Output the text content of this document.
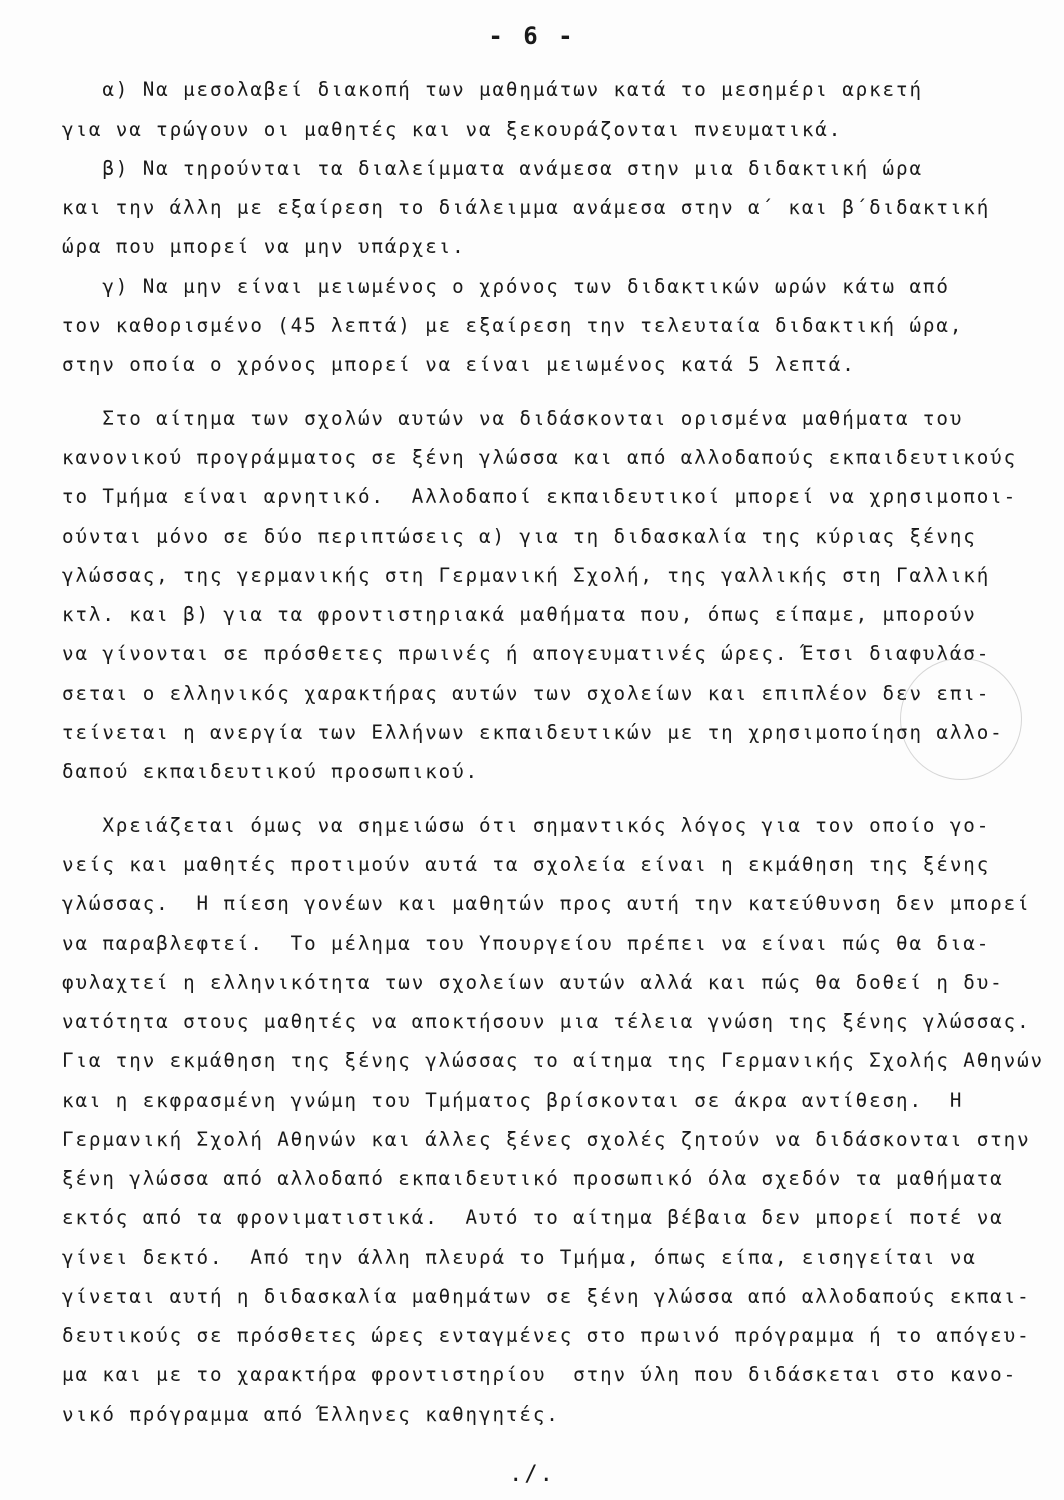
- 6 -
α) Να μεσολαβεί διακοπή των μαθημάτων κατά το μεσημέρι αρκετή
για να τρώγουν οι μαθητές και να ξεκουράζονται πνευματικά.
β) Να τηρούνται τα διαλείμματα ανάμεσα στην μια διδακτική ώρα
και την άλλη με εξαίρεση το διάλειμμα ανάμεσα στην α΄ και β΄διδακτική
ώρα που μπορεί να μην υπάρχει.
γ) Να μην είναι μειωμένος ο χρόνος των διδακτικών ωρών κάτω από
τον καθορισμένο (45 λεπτά) με εξαίρεση την τελευταία διδακτική ώρα,
στην οποία ο χρόνος μπορεί να είναι μειωμένος κατά 5 λεπτά.
Στο αίτημα των σχολών αυτών να διδάσκονται ορισμένα μαθήματα του
κανονικού προγράμματος σε ξένη γλώσσα και από αλλοδαπούς εκπαιδευτικούς
το Τμήμα είναι αρνητικό.  Αλλοδαποί εκπαιδευτικοί μπορεί να χρησιμοποι-
ούνται μόνο σε δύο περιπτώσεις α) για τη διδασκαλία της κύριας ξένης
γλώσσας, της γερμανικής στη Γερμανική Σχολή, της γαλλικής στη Γαλλική
κτλ. και β) για τα φροντιστηριακά μαθήματα που, όπως είπαμε, μπορούν
να γίνονται σε πρόσθετες πρωινές ή απογευματινές ώρες. Έτσι διαφυλάσ-
σεται ο ελληνικός χαρακτήρας αυτών των σχολείων και επιπλέον δεν επι-
τείνεται η ανεργία των Ελλήνων εκπαιδευτικών με τη χρησιμοποίηση αλλο-
δαπού εκπαιδευτικού προσωπικού.
Χρειάζεται όμως να σημειώσω ότι σημαντικός λόγος για τον οποίο γο-
νείς και μαθητές προτιμούν αυτά τα σχολεία είναι η εκμάθηση της ξένης
γλώσσας.  Η πίεση γονέων και μαθητών προς αυτή την κατεύθυνση δεν μπορεί
να παραβλεφτεί.  Το μέλημα του Υπουργείου πρέπει να είναι πώς θα δια-
φυλαχτεί η ελληνικότητα των σχολείων αυτών αλλά και πώς θα δοθεί η δυ-
νατότητα στους μαθητές να αποκτήσουν μια τέλεια γνώση της ξένης γλώσσας.
Για την εκμάθηση της ξένης γλώσσας το αίτημα της Γερμανικής Σχολής Αθηνών
και η εκφρασμένη γνώμη του Τμήματος βρίσκονται σε άκρα αντίθεση.  Η
Γερμανική Σχολή Αθηνών και άλλες ξένες σχολές ζητούν να διδάσκονται στην
ξένη γλώσσα από αλλοδαπό εκπαιδευτικό προσωπικό όλα σχεδόν τα μαθήματα
εκτός από τα φρονιματιστικά.  Αυτό το αίτημα βέβαια δεν μπορεί ποτέ να
γίνει δεκτό.  Από την άλλη πλευρά το Τμήμα, όπως είπα, εισηγείται να
γίνεται αυτή η διδασκαλία μαθημάτων σε ξένη γλώσσα από αλλοδαπούς εκπαι-
δευτικούς σε πρόσθετες ώρες ενταγμένες στο πρωινό πρόγραμμα ή το απόγευ-
μα και με το χαρακτήρα φροντιστηρίου  στην ύλη που διδάσκεται στο κανο-
νικό πρόγραμμα από Έλληνες καθηγητές.
./.
